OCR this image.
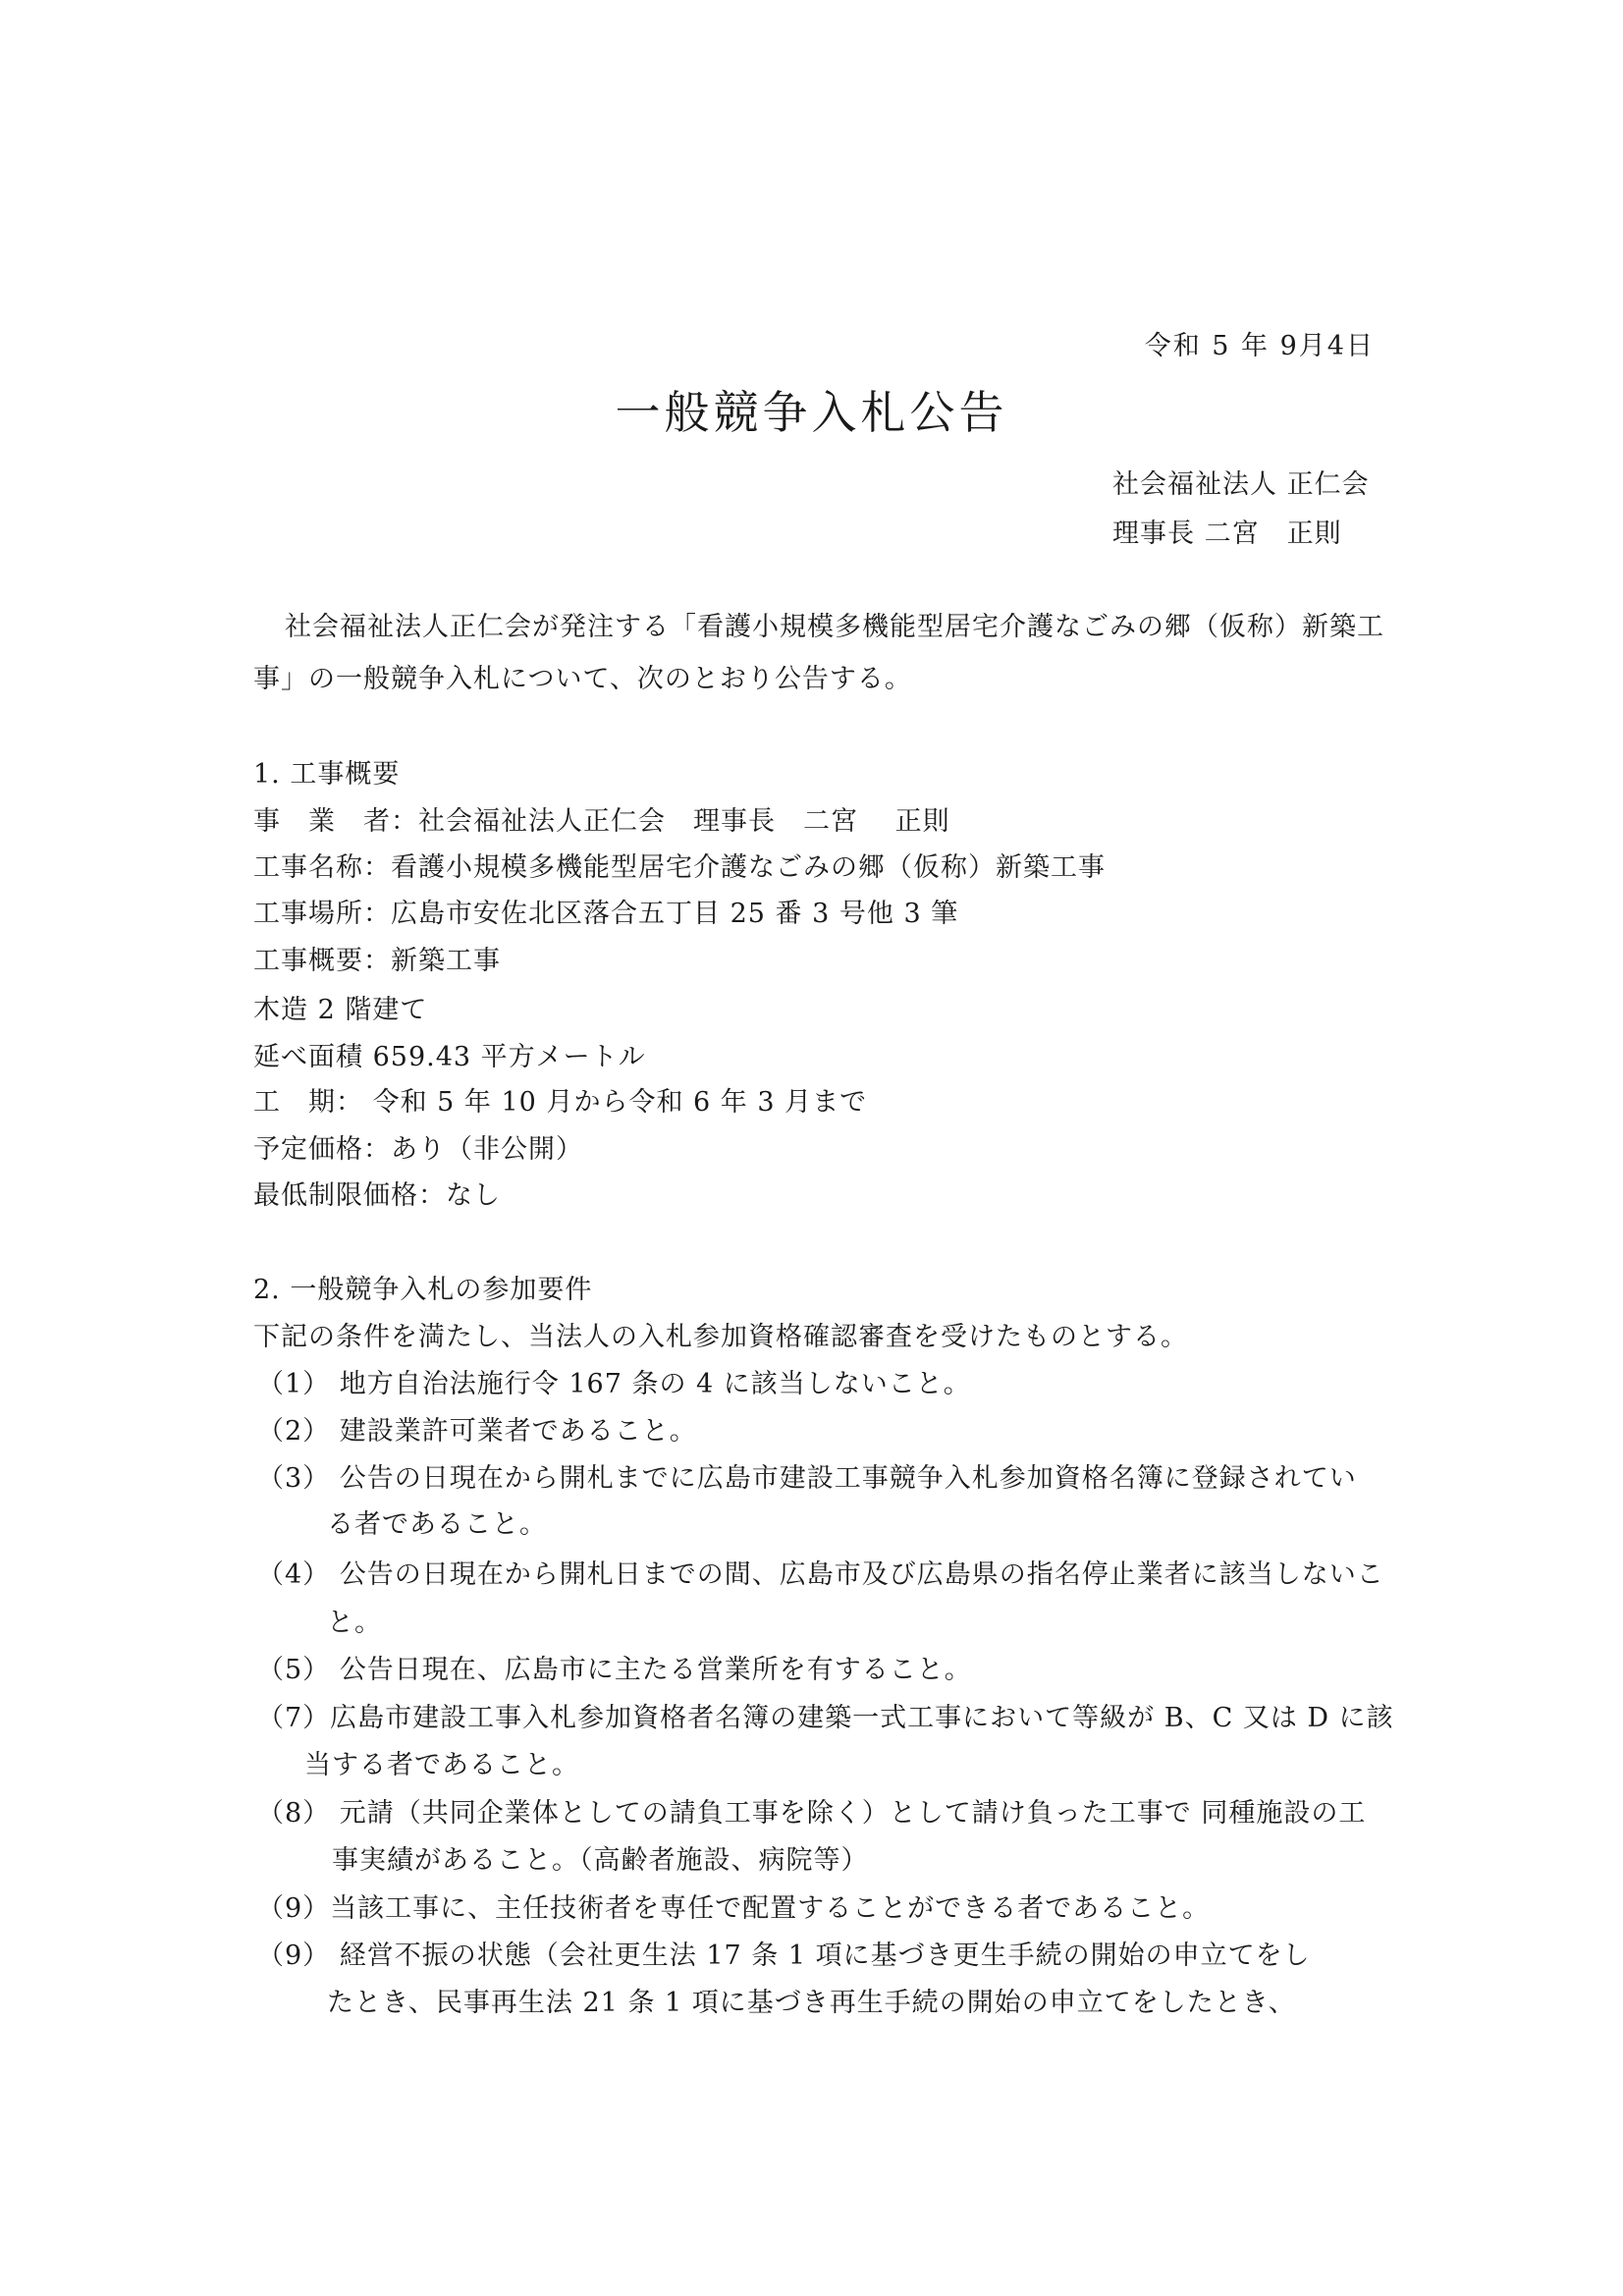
令和 5 年 9月4日
一般競争入札公告
社会福祉法人 正仁会
理事長 二宮　正則
社会福祉法人正仁会が発注する「看護小規模多機能型居宅介護なごみの郷（仮称）新築工
事」の一般競争入札について、次のとおり公告する。
1. 工事概要
事　業　者：社会福祉法人正仁会　理事長　二宮　 正則
工事名称：看護小規模多機能型居宅介護なごみの郷（仮称）新築工事
工事場所：広島市安佐北区落合五丁目 25 番 3 号他 3 筆
工事概要：新築工事
木造 2 階建て
延べ面積 659.43 平方メートル
工　期： 令和 5 年 10 月から令和 6 年 3 月まで
予定価格：あり（非公開）
最低制限価格：なし
2. 一般競争入札の参加要件
下記の条件を満たし、当法人の入札参加資格確認審査を受けたものとする。
（1） 地方自治法施行令 167 条の 4 に該当しないこと。
（2） 建設業許可業者であること。
（3） 公告の日現在から開札までに広島市建設工事競争入札参加資格名簿に登録されてい
る者であること。
（4） 公告の日現在から開札日までの間、広島市及び広島県の指名停止業者に該当しないこ
と。
（5） 公告日現在、広島市に主たる営業所を有すること。
（7）広島市建設工事入札参加資格者名簿の建築一式工事において等級が B、C 又は D に該
当する者であること。
（8） 元請（共同企業体としての請負工事を除く）として請け負った工事で 同種施設の工
事実績があること。（高齢者施設、病院等）
（9）当該工事に、主任技術者を専任で配置することができる者であること。
（9） 経営不振の状態（会社更生法 17 条 1 項に基づき更生手続の開始の申立てをし
たとき、民事再生法 21 条 1 項に基づき再生手続の開始の申立てをしたとき、
